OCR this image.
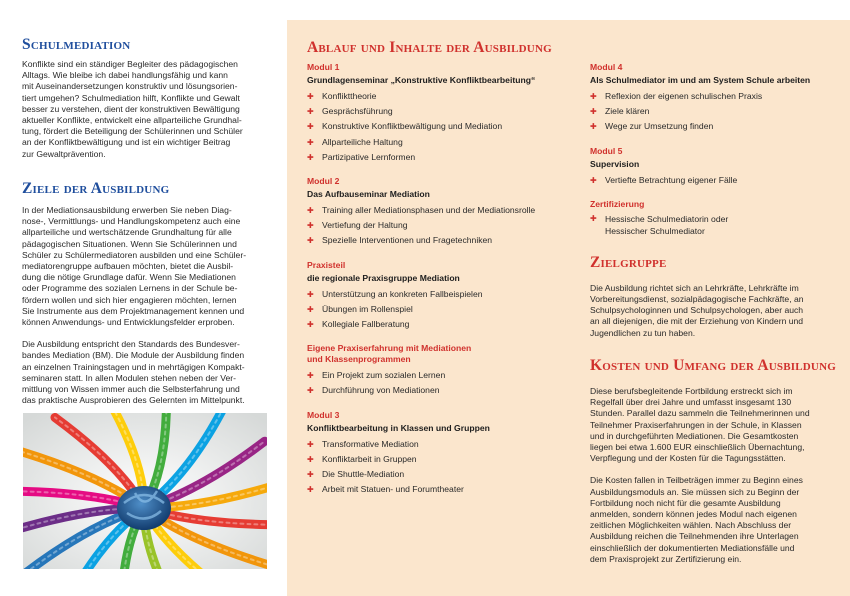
Schulmediation
Konflikte sind ein ständiger Begleiter des pädagogischen
Alltags. Wie bleibe ich dabei handlungsfähig und kann
mit Auseinandersetzungen konstruktiv und lösungsorien-
tiert umgehen? Schulmediation hilft, Konflikte und Gewalt
besser zu verstehen, dient der konstruktiven Bewältigung
aktueller Konflikte, entwickelt eine allparteiliche Grundhal-
tung, fördert die Beteiligung der Schülerinnen und Schüler
an der Konfliktbewältigung und ist ein wichtiger Beitrag
zur Gewaltprävention.
Ziele der Ausbildung

In der Mediationsausbildung erwerben Sie neben Diag-
nose-, Vermittlungs- und Handlungskompetenz auch eine
allparteiliche und wertschätzende Grundhaltung für alle
pädagogischen Situationen. Wenn Sie Schülerinnen und
Schüler zu Schülermediatoren ausbilden und eine Schüler-
mediatorengruppe aufbauen möchten, bietet die Ausbil-
dung die nötige Grundlage dafür. Wenn Sie Mediationen
oder Programme des sozialen Lernens in der Schule be-
fördern wollen und sich hier engagieren möchten, lernen
Sie Instrumente aus dem Projektmanagement kennen und
können Anwendungs- und Entwicklungsfelder erproben.

Die Ausbildung entspricht den Standards des Bundesver-
bandes Mediation (BM). Die Module der Ausbildung finden
an einzelnen Trainingstagen und in mehrtägigen Kompakt-
seminaren statt. In allen Modulen stehen neben der Ver-
mittlung von Wissen immer auch die Selbsterfahrung und
das praktische Ausprobieren des Gelernten im Mittelpunkt.

Ablauf und Inhalte der Ausbildung
Modul 1
Grundlagenseminar „Konstruktive Konfliktbearbeitung“
✚ Konflikttheorie
✚ Gesprächsführung
✚ Konstruktive Konfliktbewältigung und Mediation
✚ Allparteiliche Haltung
✚ Partizipative Lernformen
Modul 2
Das Aufbauseminar Mediation
✚ Training aller Mediationsphasen und der Mediationsrolle
✚ Vertiefung der Haltung
✚ Spezielle Interventionen und Fragetechniken
Praxisteil
die regionale Praxisgruppe Mediation
✚ Unterstützung an konkreten Fallbeispielen
✚ Übungen im Rollenspiel
✚ Kollegiale Fallberatung
Eigene Praxiserfahrung mit Mediationen
und Klassenprogrammen
✚ Ein Projekt zum sozialen Lernen
✚ Durchführung von Mediationen
Modul 3
Konfliktbearbeitung in Klassen und Gruppen
✚ Transformative Mediation
✚ Konfliktarbeit in Gruppen
✚ Die Shuttle-Mediation
✚ Arbeit mit Statuen- und Forumtheater
Modul 4
Als Schulmediator im und am System Schule arbeiten
✚ Reflexion der eigenen schulischen Praxis
✚ Ziele klären
✚ Wege zur Umsetzung finden
Modul 5
Supervision
✚ Vertiefte Betrachtung eigener Fälle
Zertifizierung
✚ Hessische Schulmediatorin oder
Hessischer Schulmediator
Zielgruppe
Die Ausbildung richtet sich an Lehrkräfte, Lehrkräfte im
Vorbereitungsdienst, sozialpädagogische Fachkräfte, an
Schulpsychologinnen und Schulpsychologen, aber auch
an all diejenigen, die mit der Erziehung von Kindern und
Jugendlichen zu tun haben.
Kosten und Umfang der Ausbildung

Diese berufsbegleitende Fortbildung erstreckt sich im
Regelfall über drei Jahre und umfasst insgesamt 130
Stunden. Parallel dazu sammeln die Teilnehmerinnen und
Teilnehmer Praxiserfahrungen in der Schule, in Klassen
und in durchgeführten Mediationen. Die Gesamtkosten
liegen bei etwa 1.600 EUR einschließlich Übernachtung,
Verpflegung und der Kosten für die Tagungsstätten.

Die Kosten fallen in Teilbeträgen immer zu Beginn eines
Ausbildungsmoduls an. Sie müssen sich zu Beginn der
Fortbildung noch nicht für die gesamte Ausbildung
anmelden, sondern können jedes Modul nach eigenen
zeitlichen Möglichkeiten wählen. Nach Abschluss der
Ausbildung reichen die Teilnehmenden ihre Unterlagen
einschließlich der dokumentierten Mediationsfälle und
dem Praxisprojekt zur Zertifizierung ein.
